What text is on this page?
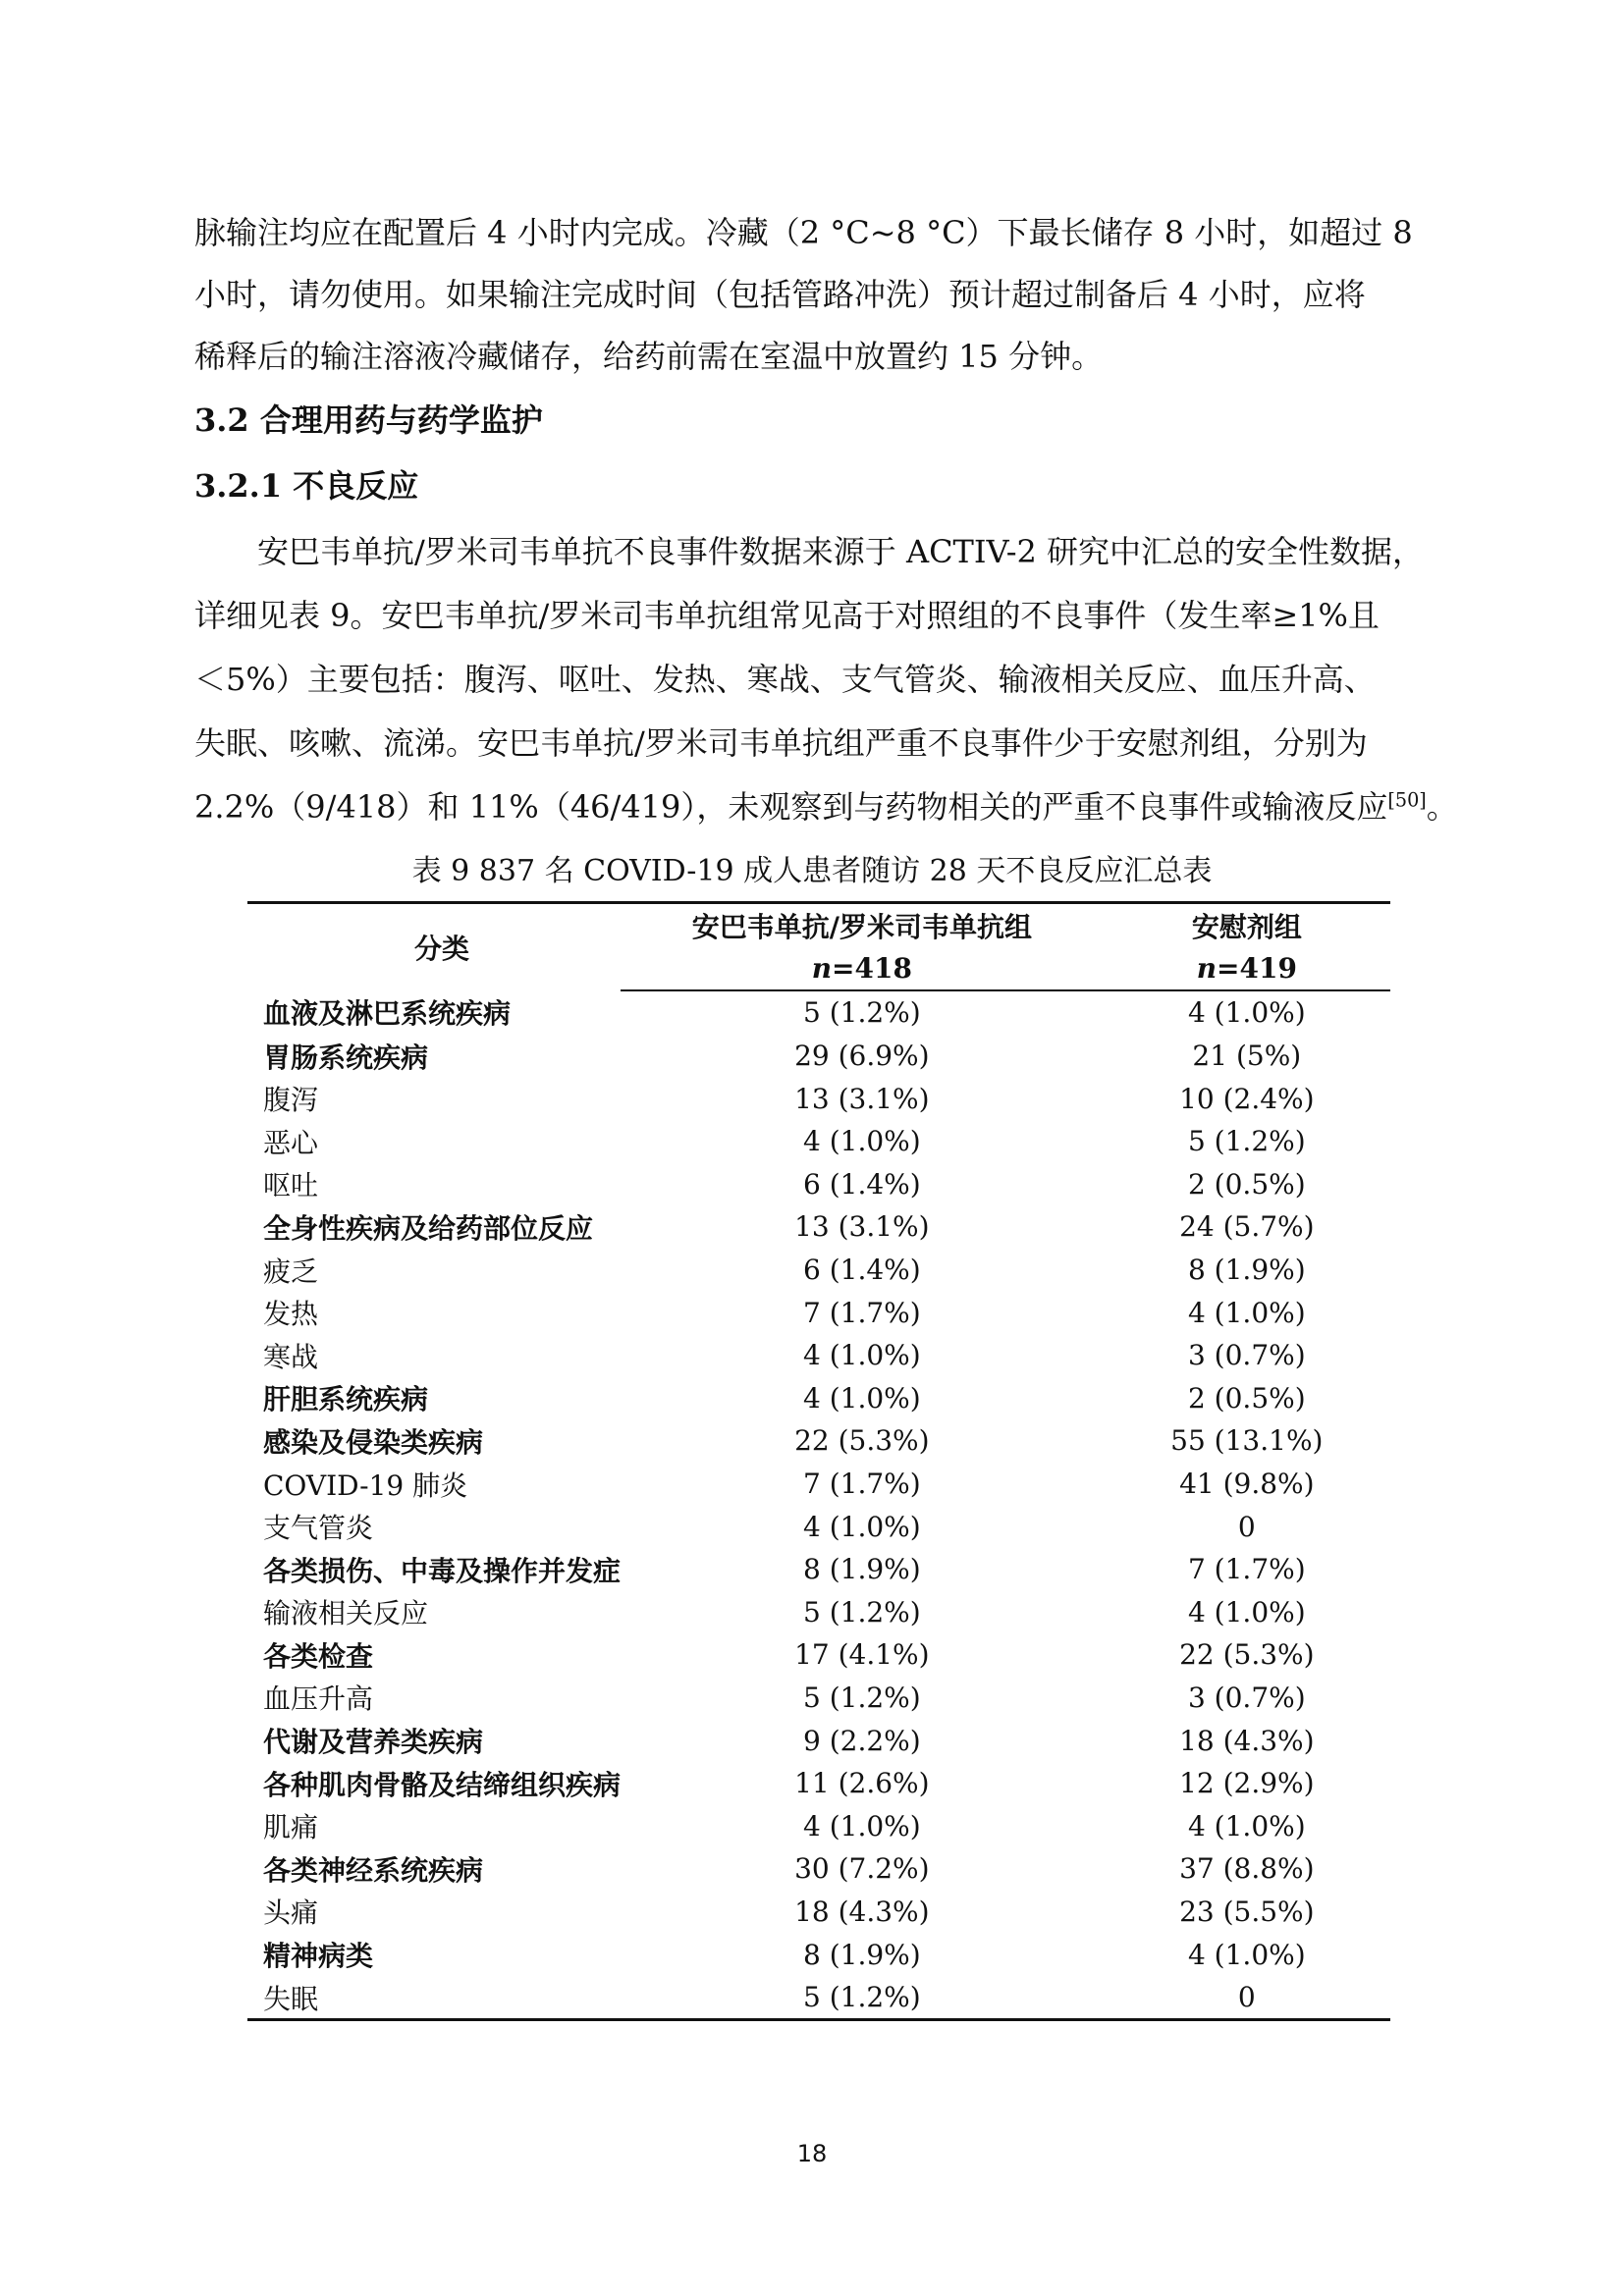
脉输注均应在配置后 4 小时内完成。冷藏（2 °C~8 °C）下最长储存 8 小时，如超过 8
小时，请勿使用。如果输注完成时间（包括管路冲洗）预计超过制备后 4 小时，应将
稀释后的输注溶液冷藏储存，给药前需在室温中放置约 15 分钟。
3.2 合理用药与药学监护
3.2.1 不良反应
安巴韦单抗/罗米司韦单抗不良事件数据来源于 ACTIV-2 研究中汇总的安全性数据，
详细见表 9。安巴韦单抗/罗米司韦单抗组常见高于对照组的不良事件（发生率≥1%且
＜5%）主要包括：腹泻、呕吐、发热、寒战、支气管炎、输液相关反应、血压升高、
失眠、咳嗽、流涕。安巴韦单抗/罗米司韦单抗组严重不良事件少于安慰剂组，分别为
2.2%（9/418）和 11%（46/419），未观察到与药物相关的严重不良事件或输液反应[50]。
表 9 837 名 COVID-19 成人患者随访 28 天不良反应汇总表
分类	安巴韦单抗/罗米司韦单抗组	安慰剂组
	n=418	n=419
血液及淋巴系统疾病	5 (1.2%)	4 (1.0%)
胃肠系统疾病	29 (6.9%)	21 (5%)
腹泻	13 (3.1%)	10 (2.4%)
恶心	4 (1.0%)	5 (1.2%)
呕吐	6 (1.4%)	2 (0.5%)
全身性疾病及给药部位反应	13 (3.1%)	24 (5.7%)
疲乏	6 (1.4%)	8 (1.9%)
发热	7 (1.7%)	4 (1.0%)
寒战	4 (1.0%)	3 (0.7%)
肝胆系统疾病	4 (1.0%)	2 (0.5%)
感染及侵染类疾病	22 (5.3%)	55 (13.1%)
COVID-19 肺炎	7 (1.7%)	41 (9.8%)
支气管炎	4 (1.0%)	0
各类损伤、中毒及操作并发症	8 (1.9%)	7 (1.7%)
输液相关反应	5 (1.2%)	4 (1.0%)
各类检查	17 (4.1%)	22 (5.3%)
血压升高	5 (1.2%)	3 (0.7%)
代谢及营养类疾病	9 (2.2%)	18 (4.3%)
各种肌肉骨骼及结缔组织疾病	11 (2.6%)	12 (2.9%)
肌痛	4 (1.0%)	4 (1.0%)
各类神经系统疾病	30 (7.2%)	37 (8.8%)
头痛	18 (4.3%)	23 (5.5%)
精神病类	8 (1.9%)	4 (1.0%)
失眠	5 (1.2%)	0
18
